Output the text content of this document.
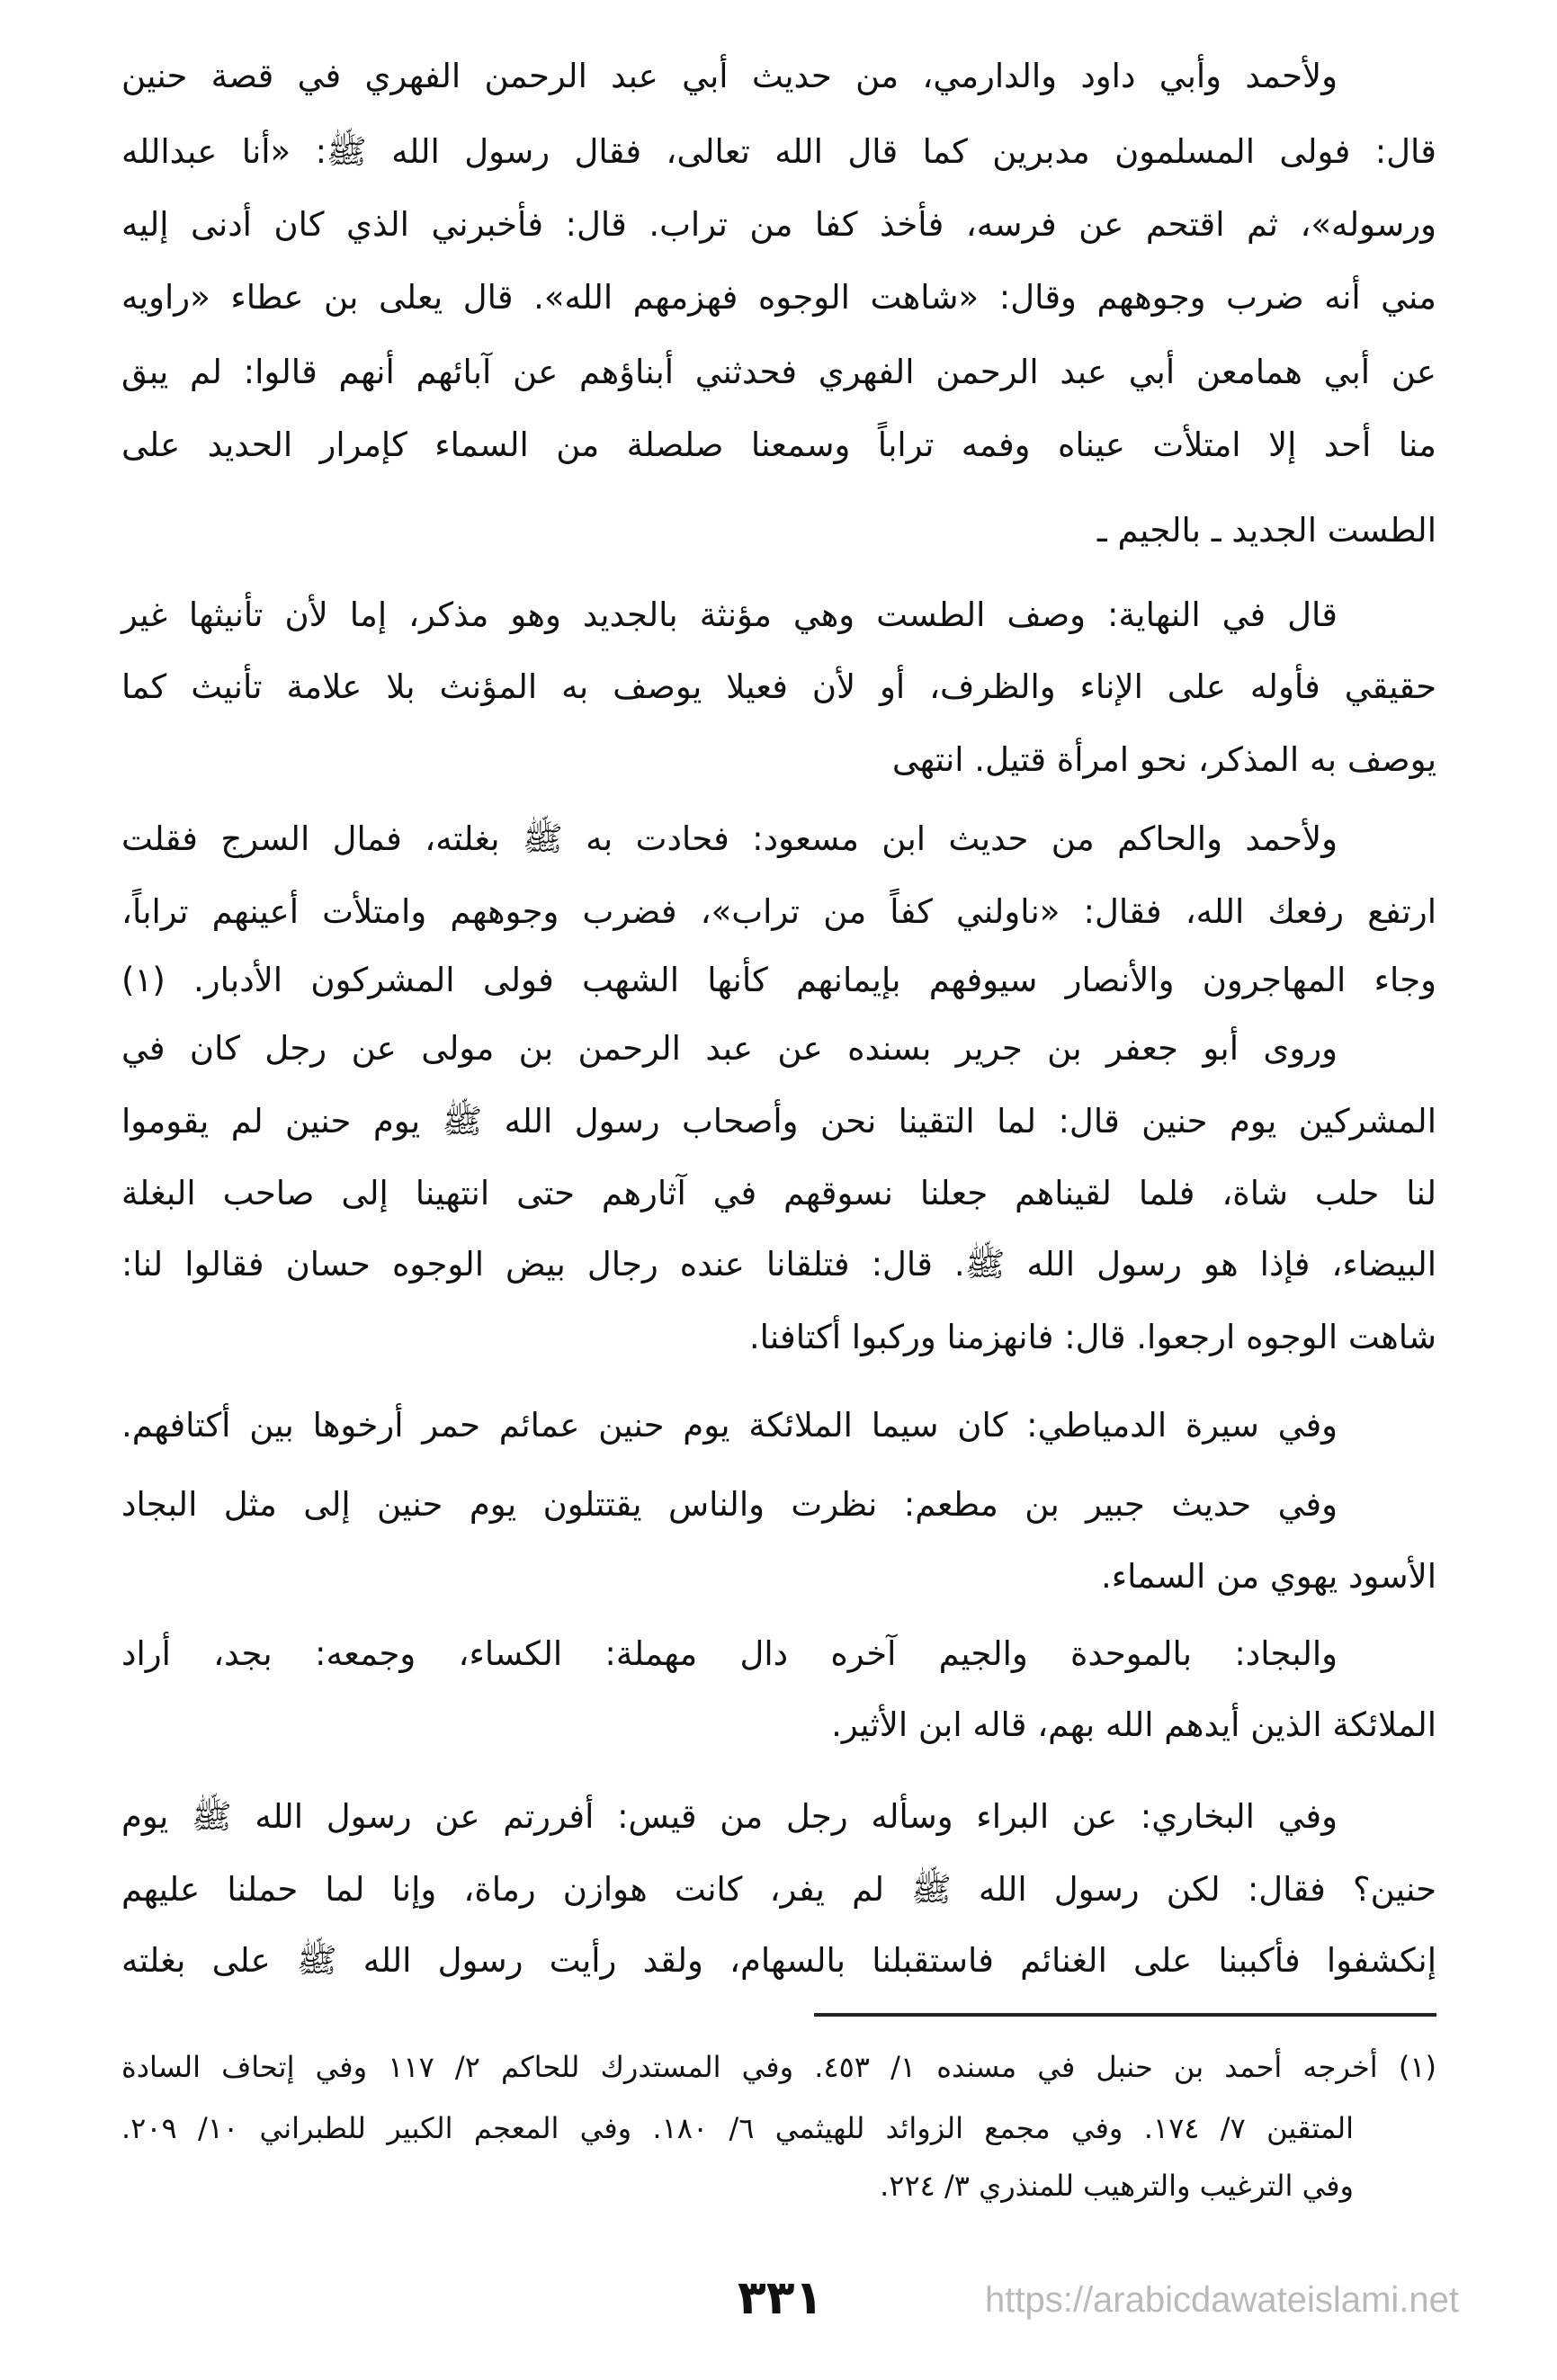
ولأحمد وأبي داود والدارمي، من حديث أبي عبد الرحمن الفهري في قصة حنين
قال: فولى المسلمون مدبرين كما قال الله تعالى، فقال رسول الله ﷺ: «أنا عبدالله
ورسوله»، ثم اقتحم عن فرسه، فأخذ كفا من تراب. قال: فأخبرني الذي كان أدنى إليه
مني أنه ضرب وجوههم وقال: «شاهت الوجوه فهزمهم الله». قال يعلى بن عطاء «راويه
عن أبي همامعن أبي عبد الرحمن الفهري فحدثني أبناؤهم عن آبائهم أنهم قالوا: لم يبق
منا أحد إلا امتلأت عيناه وفمه تراباً وسمعنا صلصلة من السماء كإمرار الحديد على
الطست الجديد ـ بالجيم ـ
قال في النهاية: وصف الطست وهي مؤنثة بالجديد وهو مذكر، إما لأن تأنيثها غير
حقيقي فأوله على الإناء والظرف، أو لأن فعيلا يوصف به المؤنث بلا علامة تأنيث كما
يوصف به المذكر، نحو امرأة قتيل. انتهى
ولأحمد والحاكم من حديث ابن مسعود: فحادت به ﷺ بغلته، فمال السرج فقلت
ارتفع رفعك الله، فقال: «ناولني كفاً من تراب»، فضرب وجوههم وامتلأت أعينهم تراباً،
وجاء المهاجرون والأنصار سيوفهم بإيمانهم كأنها الشهب فولى المشركون الأدبار. (١)
وروى أبو جعفر بن جرير بسنده عن عبد الرحمن بن مولى عن رجل كان في
المشركين يوم حنين قال: لما التقينا نحن وأصحاب رسول الله ﷺ يوم حنين لم يقوموا
لنا حلب شاة، فلما لقيناهم جعلنا نسوقهم في آثارهم حتى انتهينا إلى صاحب البغلة
البيضاء، فإذا هو رسول الله ﷺ. قال: فتلقانا عنده رجال بيض الوجوه حسان فقالوا لنا:
شاهت الوجوه ارجعوا. قال: فانهزمنا وركبوا أكتافنا.
وفي سيرة الدمياطي: كان سيما الملائكة يوم حنين عمائم حمر أرخوها بين أكتافهم.
وفي حديث جبير بن مطعم: نظرت والناس يقتتلون يوم حنين إلى مثل البجاد
الأسود يهوي من السماء.
والبجاد: بالموحدة والجيم آخره دال مهملة: الكساء، وجمعه: بجد، أراد
الملائكة الذين أيدهم الله بهم، قاله ابن الأثير.
وفي البخاري: عن البراء وسأله رجل من قيس: أفررتم عن رسول الله ﷺ يوم
حنين؟ فقال: لكن رسول الله ﷺ لم يفر، كانت هوازن رماة، وإنا لما حملنا عليهم
إنكشفوا فأكببنا على الغنائم فاستقبلنا بالسهام، ولقد رأيت رسول الله ﷺ على بغلته
(١) أخرجه أحمد بن حنبل في مسنده ١/ ٤٥٣. وفي المستدرك للحاكم ٢/ ١١٧ وفي إتحاف السادة
المتقين ٧/ ١٧٤. وفي مجمع الزوائد للهيثمي ٦/ ١٨٠. وفي المعجم الكبير للطبراني ١٠/ ٢٠٩.
وفي الترغيب والترهيب للمنذري ٣/ ٢٢٤.
٣٣١	https://arabicdawateislami.net
